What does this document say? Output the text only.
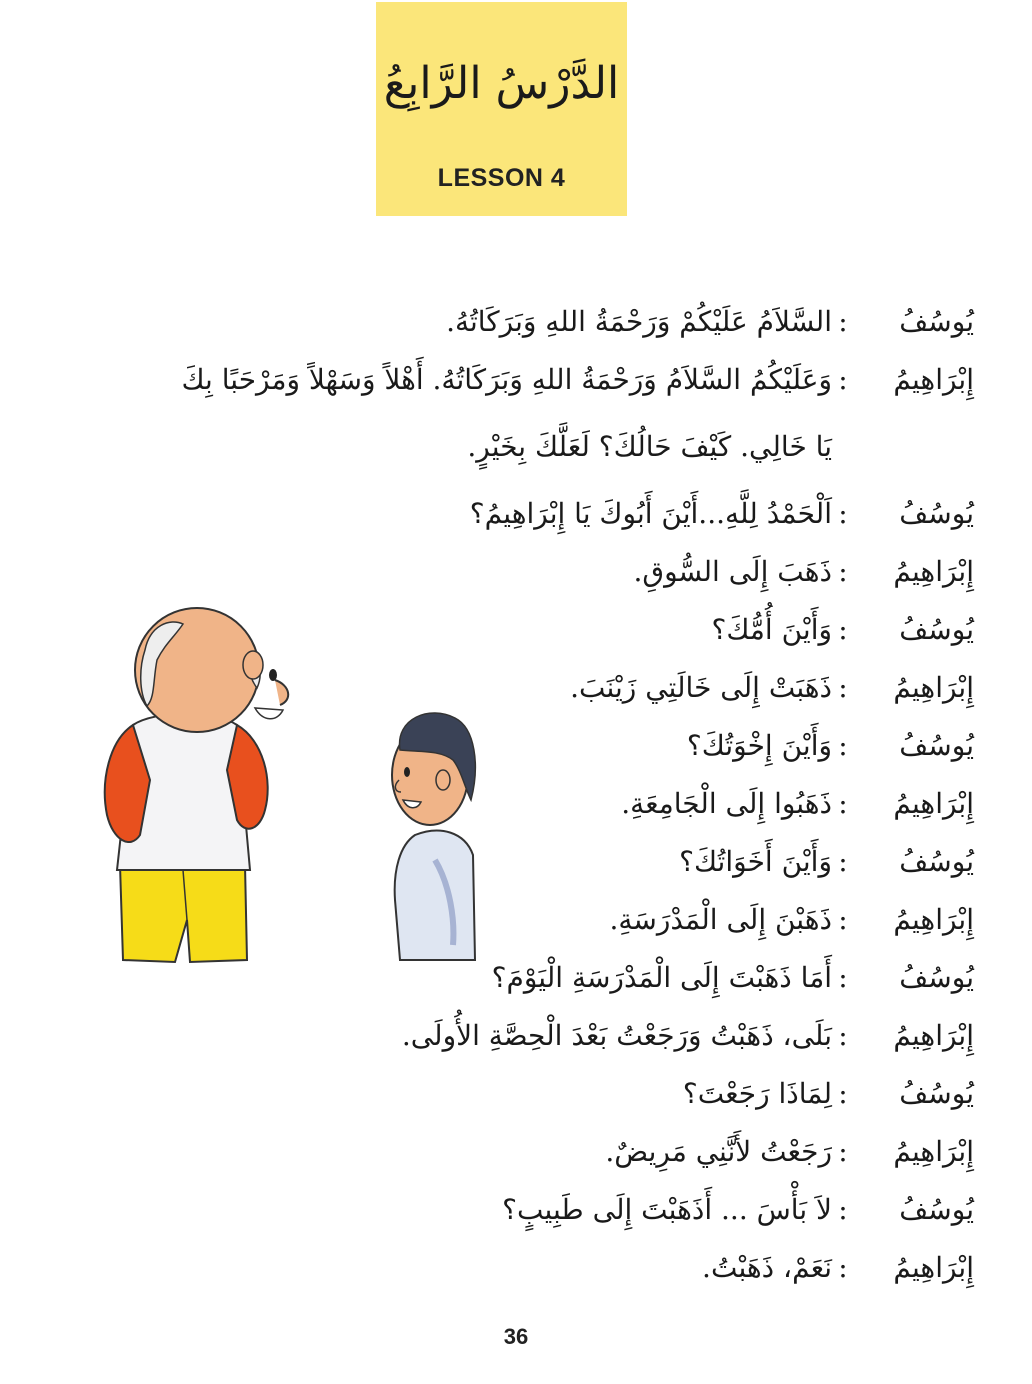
الدَّرْسُ الرَّابِعُ
LESSON 4
يُوسُفُ
:
السَّلاَمُ عَلَيْكُمْ وَرَحْمَةُ اللهِ وَبَرَكَاتُهُ.
إِبْرَاهِيمُ
:
وَعَلَيْكُمُ السَّلاَمُ وَرَحْمَةُ اللهِ وَبَرَكَاتُهُ. أَهْلاً وَسَهْلاً وَمَرْحَبًا بِكَ
يَا خَالِي. كَيْفَ حَالُكَ؟ لَعَلَّكَ بِخَيْرٍ.
يُوسُفُ
:
اَلْحَمْدُ لِلَّهِ...أَيْنَ أَبُوكَ يَا إِبْرَاهِيمُ؟
إِبْرَاهِيمُ
:
ذَهَبَ إِلَى السُّوقِ.
يُوسُفُ
:
وَأَيْنَ أُمُّكَ؟
إِبْرَاهِيمُ
:
ذَهَبَتْ إِلَى خَالَتِي زَيْنَبَ.
يُوسُفُ
:
وَأَيْنَ إِخْوَتُكَ؟
إِبْرَاهِيمُ
:
ذَهَبُوا إِلَى الْجَامِعَةِ.
يُوسُفُ
:
وَأَيْنَ أَخَوَاتُكَ؟
إِبْرَاهِيمُ
:
ذَهَبْنَ إِلَى الْمَدْرَسَةِ.
يُوسُفُ
:
أَمَا ذَهَبْتَ إِلَى الْمَدْرَسَةِ الْيَوْمَ؟
إِبْرَاهِيمُ
:
بَلَى، ذَهَبْتُ وَرَجَعْتُ بَعْدَ الْحِصَّةِ الأُولَى.
يُوسُفُ
:
لِمَاذَا رَجَعْتَ؟
إِبْرَاهِيمُ
:
رَجَعْتُ لأَنَّنِي مَرِيضٌ.
يُوسُفُ
:
لاَ بَأْسَ ... أَذَهَبْتَ إِلَى طَبِيبٍ؟
إِبْرَاهِيمُ
:
نَعَمْ، ذَهَبْتُ.
36
